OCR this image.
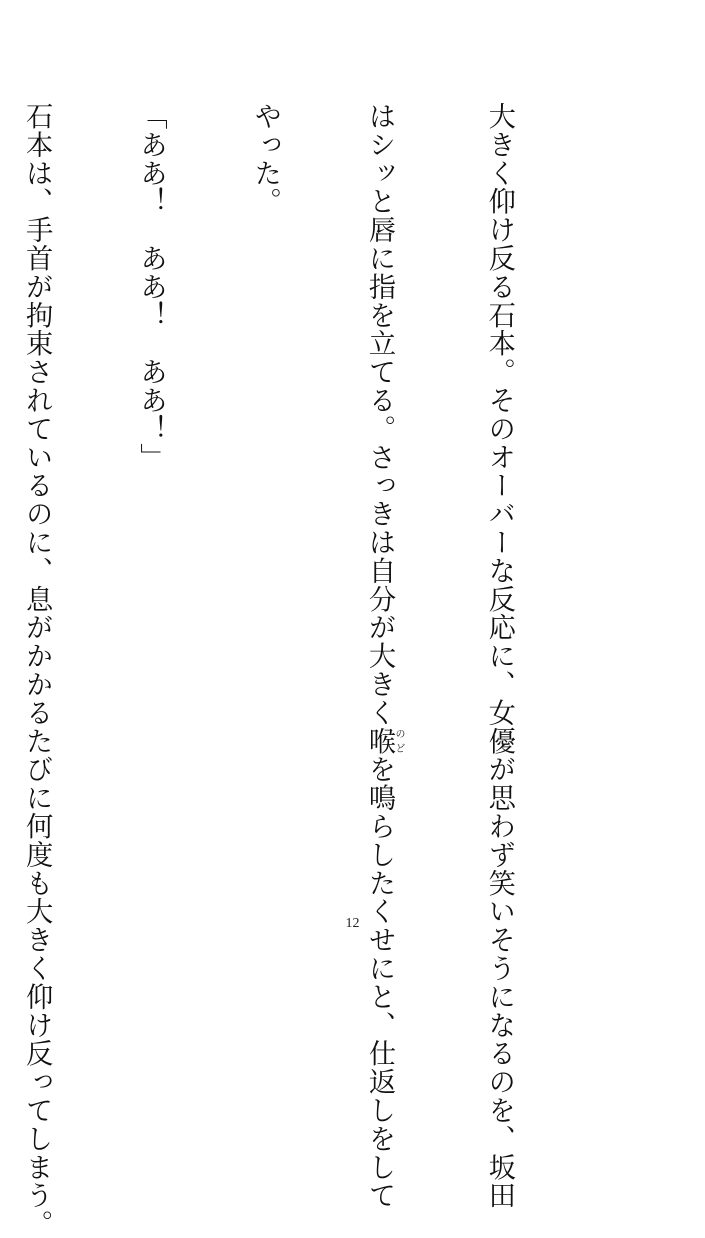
大きく仰け反る石本。そのオーバーな反応に、女優が思わず笑いそうになるのを、坂田

はシッと唇に指を立てる。さっきは自分が大きく喉のどを鳴らしたくせにと、仕返しをして

やった。

「ああ！　ああ！　ああ！」

石本は、手首が拘束されているのに、息がかかるたびに何度も大きく仰け反ってしまう。

	12
